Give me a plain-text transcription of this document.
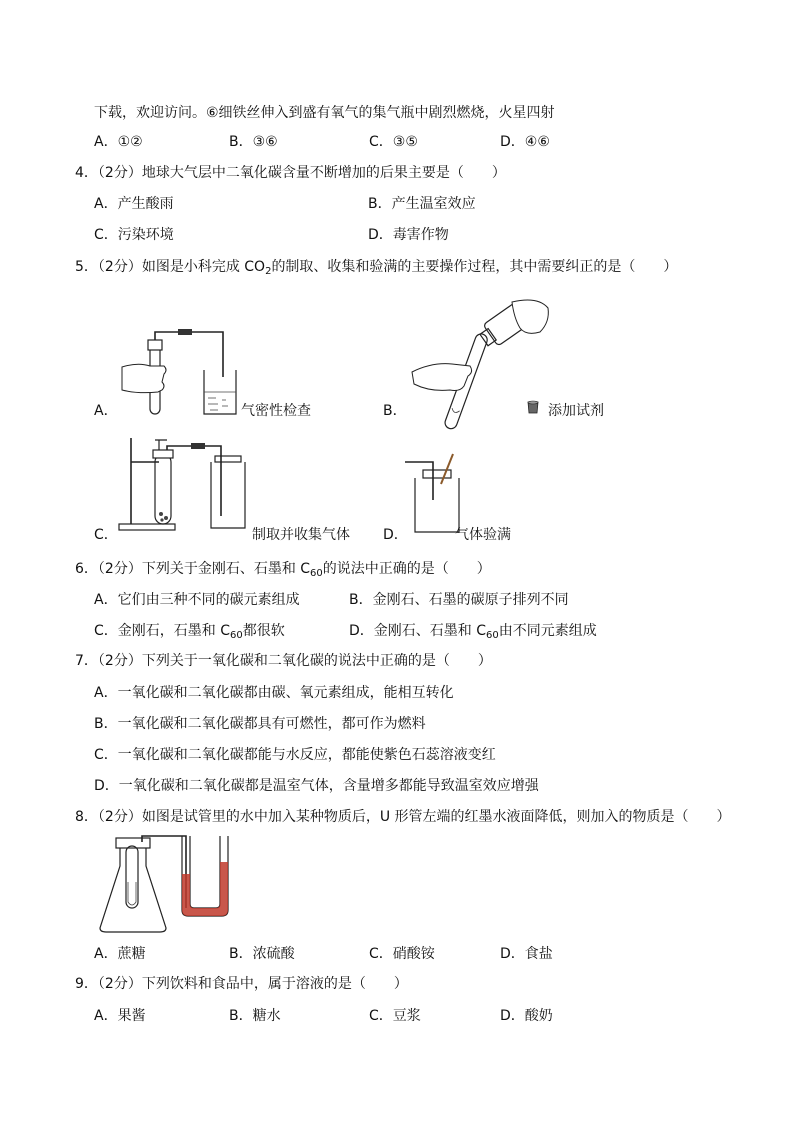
下载，欢迎访问。⑥细铁丝伸入到盛有氧气的集气瓶中剧烈燃烧，火星四射
A．①②	B．③⑥	C．③⑤	D．④⑥
4．（2分）地球大气层中二氧化碳含量不断增加的后果主要是（　　）
A．产生酸雨	B．产生温室效应
C．污染环境	D．毒害作物
5．（2分）如图是小科完成 $CO_2$的制取、收集和验满的主要操作过程，其中需要纠正的是（　　）
A．	气密性检查	B．	添加试剂
C．	制取并收集气体 D．	气体验满
6．（2分）下列关于金刚石、石墨和 $C_{60}$的说法中正确的是（　　）
A．它们由三种不同的碳元素组成	B．金刚石、石墨的碳原子排列不同
C．金刚石，石墨和 $C_{60}$都很软	D．金刚石、石墨和 $C_{60}$由不同元素组成
7．（2分）下列关于一氧化碳和二氧化碳的说法中正确的是（　　）
A．一氧化碳和二氧化碳都由碳、氧元素组成，能相互转化
B．一氧化碳和二氧化碳都具有可燃性，都可作为燃料
C．一氧化碳和二氧化碳都能与水反应，都能使紫色石蕊溶液变红
D．一氧化碳和二氧化碳都是温室气体，含量增多都能导致温室效应增强
8．（2分）如图是试管里的水中加入某种物质后，U 形管左端的红墨水液面降低，则加入的物质是（　　）
A．蔗糖	B．浓硫酸	C．硝酸铵	D．食盐
9．（2分）下列饮料和食品中，属于溶液的是（　　）
A．果酱	B．糖水	C．豆浆	D．酸奶
